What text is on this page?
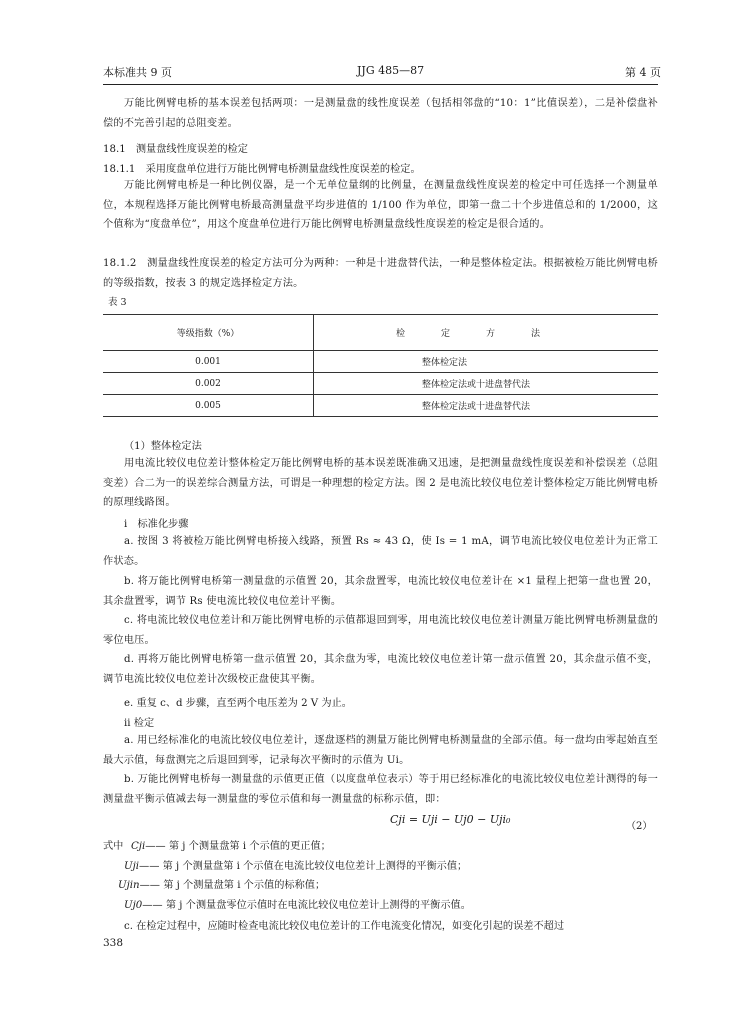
本标准共 9 页	JJG 485—87	第 4 页
万能比例臂电桥的基本误差包括两项：一是测量盘的线性度误差（包括相邻盘的“10：1”比值误差），二是补偿盘补偿的不完善引起的总阻变差。
18.1　测量盘线性度误差的检定
18.1.1　采用度盘单位进行万能比例臂电桥测量盘线性度误差的检定。
万能比例臂电桥是一种比例仪器，是一个无单位量纲的比例量，在测量盘线性度误差的检定中可任选择一个测量单位，本规程选择万能比例臂电桥最高测量盘平均步进值的 1/100 作为单位，即第一盘二十个步进值总和的 1/2000，这个值称为“度盘单位”，用这个度盘单位进行万能比例臂电桥测量盘线性度误差的检定是很合适的。
18.1.2　测量盘线性度误差的检定方法可分为两种：一种是十进盘替代法，一种是整体检定法。根据被检万能比例臂电桥的等级指数，按表 3 的规定选择检定方法。
表 3
等级指数（%）	检定方法
0.001	整体检定法
0.002	整体检定法或十进盘替代法
0.005	整体检定法或十进盘替代法
（1）整体检定法
用电流比较仪电位差计整体检定万能比例臂电桥的基本误差既准确又迅速，是把测量盘线性度误差和补偿误差（总阻变差）合二为一的误差综合测量方法，可谓是一种理想的检定方法。图 2 是电流比较仪电位差计整体检定万能比例臂电桥的原理线路图。
i　标准化步骤
a. 按图 3 将被检万能比例臂电桥接入线路，预置 Rs ≈ 43 Ω，使 Is = 1 mA，调节电流比较仪电位差计为正常工作状态。
b. 将万能比例臂电桥第一测量盘的示值置 20，其余盘置零，电流比较仪电位差计在 ×1 量程上把第一盘也置 20，其余盘置零，调节 Rs 使电流比较仪电位差计平衡。
c. 将电流比较仪电位差计和万能比例臂电桥的示值都退回到零，用电流比较仪电位差计测量万能比例臂电桥测量盘的零位电压。
d. 再将万能比例臂电桥第一盘示值置 20，其余盘为零，电流比较仪电位差计第一盘示值置 20，其余盘示值不变，调节电流比较仪电位差计次级校正盘使其平衡。
e. 重复 c、d 步骤，直至两个电压差为 2 V 为止。
ii 检定
a. 用已经标准化的电流比较仪电位差计，逐盘逐档的测量万能比例臂电桥测量盘的全部示值。每一盘均由零起始直至最大示值，每盘测完之后退回到零，记录每次平衡时的示值为 Ui。
b. 万能比例臂电桥每一测量盘的示值更正值（以度盘单位表示）等于用已经标准化的电流比较仪电位差计测得的每一测量盘平衡示值减去每一测量盘的零位示值和每一测量盘的标称示值，即：
Cji = Uji − Uj0 − Uji₀
（2）
式中 Cji—— 第 j 个测量盘第 i 个示值的更正值；
Uji—— 第 j 个测量盘第 i 个示值在电流比较仪电位差计上测得的平衡示值；
Ujin—— 第 j 个测量盘第 i 个示值的标称值；
Uj0—— 第 j 个测量盘零位示值时在电流比较仪电位差计上测得的平衡示值。
c. 在检定过程中，应随时检查电流比较仪电位差计的工作电流变化情况，如变化引起的误差不超过
338
